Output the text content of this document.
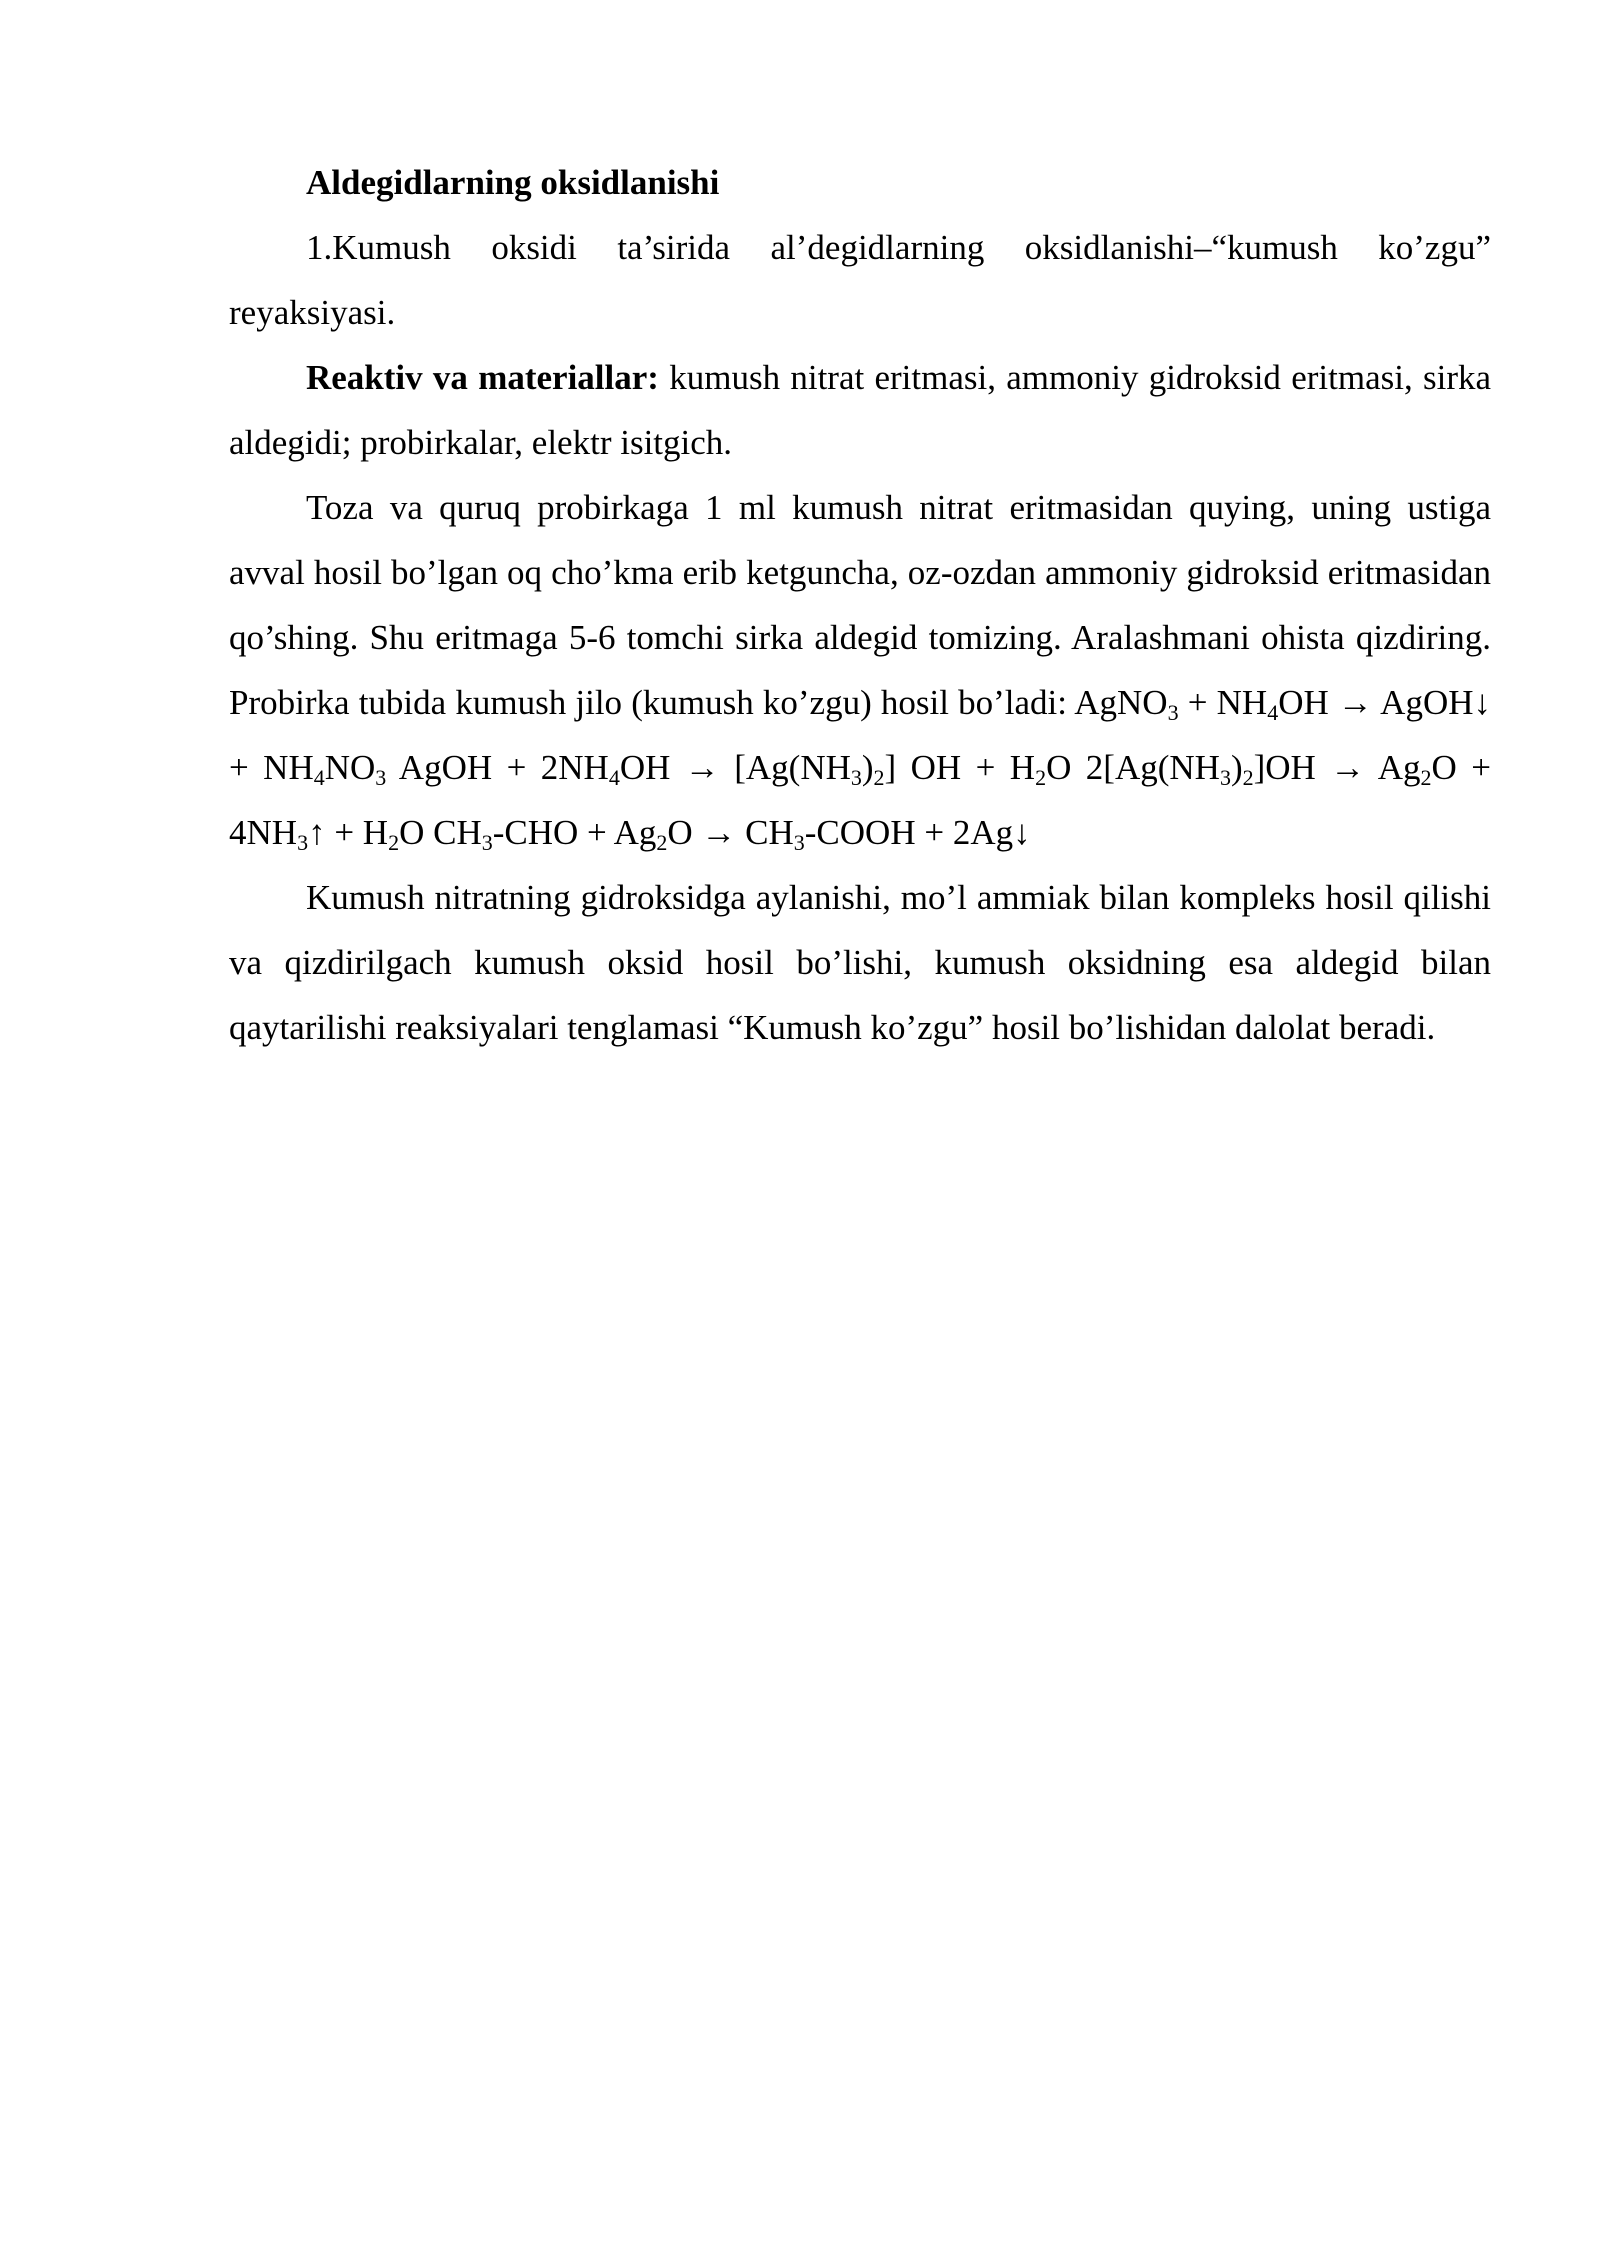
Aldegidlarning oksidlanishi

1.Kumush oksidi ta’sirida al’degidlarning oksidlanishi–“kumush ko’zgu” reyaksiyasi.

Reaktiv va materiallar: kumush nitrat eritmasi, ammoniy gidroksid eritmasi, sirka aldegidi; probirkalar, elektr isitgich.

Toza va quruq probirkaga 1 ml kumush nitrat eritmasidan quying, uning ustiga avval hosil bo’lgan oq cho’kma erib ketguncha, oz-ozdan ammoniy gidroksid eritmasidan qo’shing. Shu eritmaga 5-6 tomchi sirka aldegid tomizing. Aralashmani ohista qizdiring. Probirka tubida kumush jilo (kumush ko’zgu) hosil bo’ladi: AgNO$_3$ + $NH_4OH$ → AgOH↓ + $NH_4NO_3$ AgOH + $2NH_4OH \to [Ag(NH_3)_2]$ OH + $H_2O$ $2[Ag(NH_3)_2]OH \to Ag_2O$ + $4NH_3↑ + H_2O$ $CH_3$-CHO + $Ag_2O$ → $CH_3$-COOH + 2Ag↓

Kumush nitratning gidroksidga aylanishi, mo’l ammiak bilan kompleks hosil qilishi va qizdirilgach kumush oksid hosil bo’lishi, kumush oksidning esa aldegid bilan qaytarilishi reaksiyalari tenglamasi “Kumush ko’zgu” hosil bo’lishidan dalolat beradi.
